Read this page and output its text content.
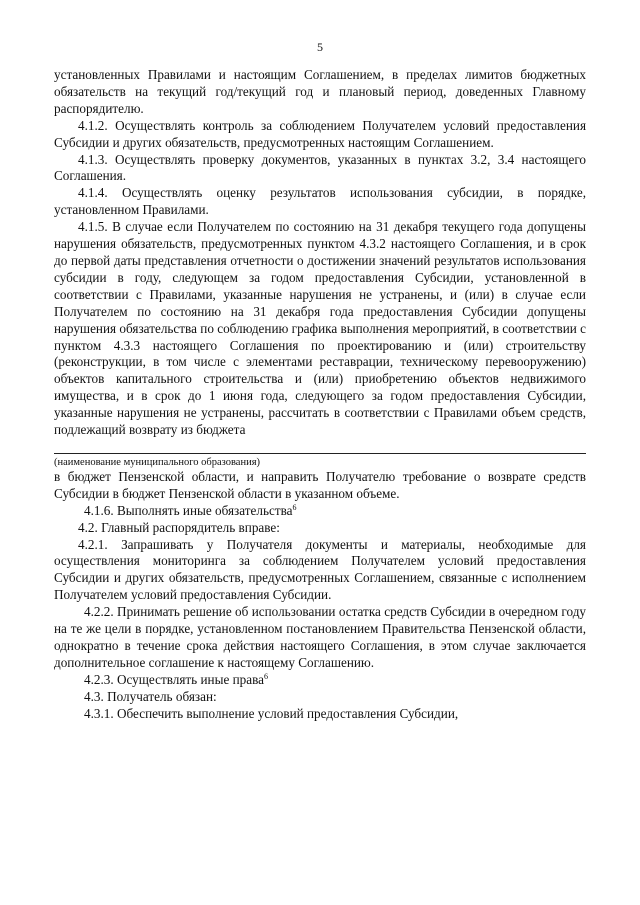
5

установленных Правилами и настоящим Соглашением, в пределах лимитов бюджетных обязательств на текущий год/текущий год и плановый период, доведенных Главному распорядителю.

4.1.2. Осуществлять контроль за соблюдением Получателем условий предоставления Субсидии и других обязательств, предусмотренных настоящим Соглашением.

4.1.3. Осуществлять проверку документов, указанных в пунктах 3.2, 3.4 настоящего Соглашения.

4.1.4. Осуществлять оценку результатов использования субсидии, в порядке, установленном Правилами.

4.1.5. В случае если Получателем по состоянию на 31 декабря текущего года допущены нарушения обязательств, предусмотренных пунктом 4.3.2 настоящего Соглашения, и в срок до первой даты представления отчетности о достижении значений результатов использования субсидии в году, следующем за годом предоставления Субсидии, установленной в соответствии с Правилами, указанные нарушения не устранены, и (или) в случае если Получателем по состоянию на 31 декабря года предоставления Субсидии допущены нарушения обязательства по соблюдению графика выполнения мероприятий, в соответствии с пунктом 4.3.3 настоящего Соглашения по проектированию и (или) строительству (реконструкции, в том числе с элементами реставрации, техническому перевооружению) объектов капитального строительства и (или) приобретению объектов недвижимого имущества, и в срок до 1 июня года, следующего за годом предоставления Субсидии, указанные нарушения не устранены, рассчитать в соответствии с Правилами объем средств, подлежащий возврату из бюджета

(наименование муниципального образования)

в бюджет Пензенской области, и направить Получателю требование о возврате средств Субсидии в бюджет Пензенской области в указанном объеме.

4.1.6. Выполнять иные обязательства$^6$

4.2. Главный распорядитель вправе:

4.2.1. Запрашивать у Получателя документы и материалы, необходимые для осуществления мониторинга за соблюдением Получателем условий предоставления Субсидии и других обязательств, предусмотренных Соглашением, связанные с исполнением Получателем условий предоставления Субсидии.

4.2.2. Принимать решение об использовании остатка средств Субсидии в очередном году на те же цели в порядке, установленном постановлением Правительства Пензенской области, однократно в течение срока действия настоящего Соглашения, в этом случае заключается дополнительное соглашение к настоящему Соглашению.

4.2.3. Осуществлять иные права$^6$

4.3. Получатель обязан:

4.3.1. Обеспечить выполнение условий предоставления Субсидии,
